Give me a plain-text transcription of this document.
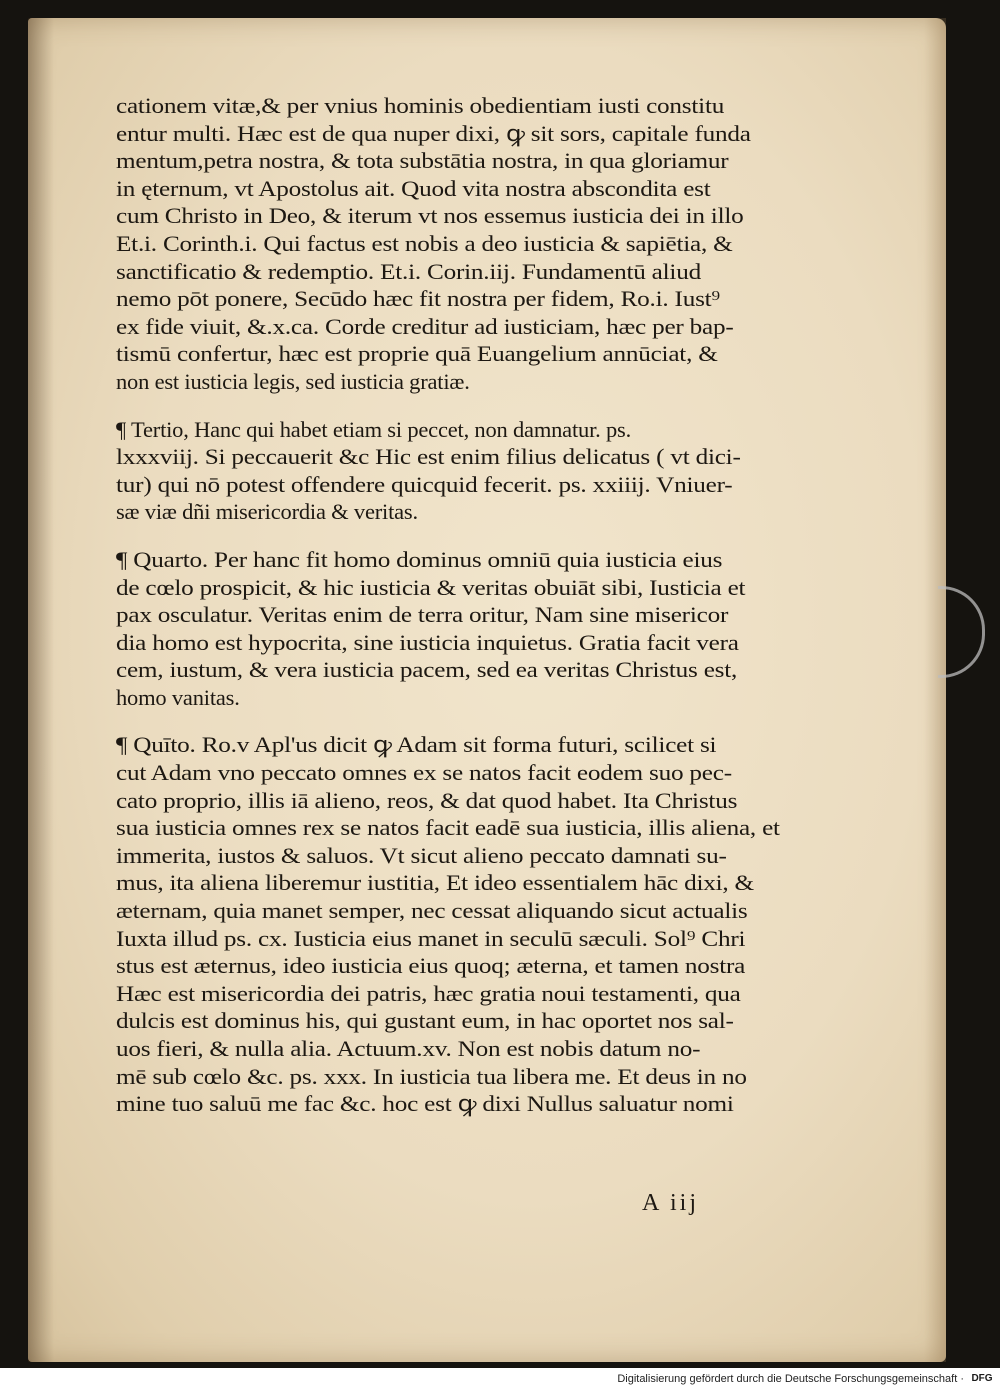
cationem vitæ,& per vnius hominis obedientiam iusti constitu
entur multi. Hæc est de qua nuper dixi, ꝙ sit sors, capitale funda
mentum,petra nostra, & tota substātia nostra, in qua gloriamur
in ęternum, vt Apostolus ait. Quod vita nostra abscondita est
cum Christo in Deo, & iterum vt nos essemus iusticia dei in illo
Et.i. Corinth.i. Qui factus est nobis a deo iusticia & sapiētia, &
sanctificatio & redemptio. Et.i. Corin.iij. Fundamentū aliud
nemo pōt ponere, Secūdo hæc fit nostra per fidem, Ro.i. Iust⁹
ex fide viuit, &.x.ca. Corde creditur ad iusticiam, hæc per bap-
tismū confertur, hæc est proprie quā Euangelium annūciat, &
non est iusticia legis, sed iusticia gratiæ.
¶ Tertio, Hanc qui habet etiam si peccet, non damnatur. ps.
lxxxviij. Si peccauerit &c Hic est enim filius delicatus ( vt dici-
tur) qui nō potest offendere quicquid fecerit. ps. xxiiij. Vniuer-
sæ viæ dñi misericordia & veritas.
¶ Quarto. Per hanc fit homo dominus omniū quia iusticia eius
de cœlo prospicit, & hic iusticia & veritas obuiāt sibi, Iusticia et
pax osculatur. Veritas enim de terra oritur, Nam sine misericor
dia homo est hypocrita, sine iusticia inquietus. Gratia facit vera
cem, iustum, & vera iusticia pacem, sed ea veritas Christus est,
homo vanitas.
¶ Quīto. Ro.v Apl'us dicit ꝙ Adam sit forma futuri, scilicet si
cut Adam vno peccato omnes ex se natos facit eodem suo pec-
cato proprio, illis iā alieno, reos, & dat quod habet. Ita Christus
sua iusticia omnes rex se natos facit eadē sua iusticia, illis aliena, et
immerita, iustos & saluos. Vt sicut alieno peccato damnati su-
mus, ita aliena liberemur iustitia, Et ideo essentialem hāc dixi, &
æternam, quia manet semper, nec cessat aliquando sicut actualis
Iuxta illud ps. cx. Iusticia eius manet in seculū sæculi. Sol⁹ Chri
stus est æternus, ideo iusticia eius quoq; æterna, et tamen nostra
Hæc est misericordia dei patris, hæc gratia noui testamenti, qua
dulcis est dominus his, qui gustant eum, in hac oportet nos sal-
uos fieri, & nulla alia. Actuum.xv. Non est nobis datum no-
mē sub cœlo &c. ps. xxx. In iusticia tua libera me. Et deus in no
mine tuo saluū me fac &c. hoc est ꝙ dixi Nullus saluatur nomi
A iij
Digitalisierung gefördert durch die Deutsche Forschungsgemeinschaft · DFG
